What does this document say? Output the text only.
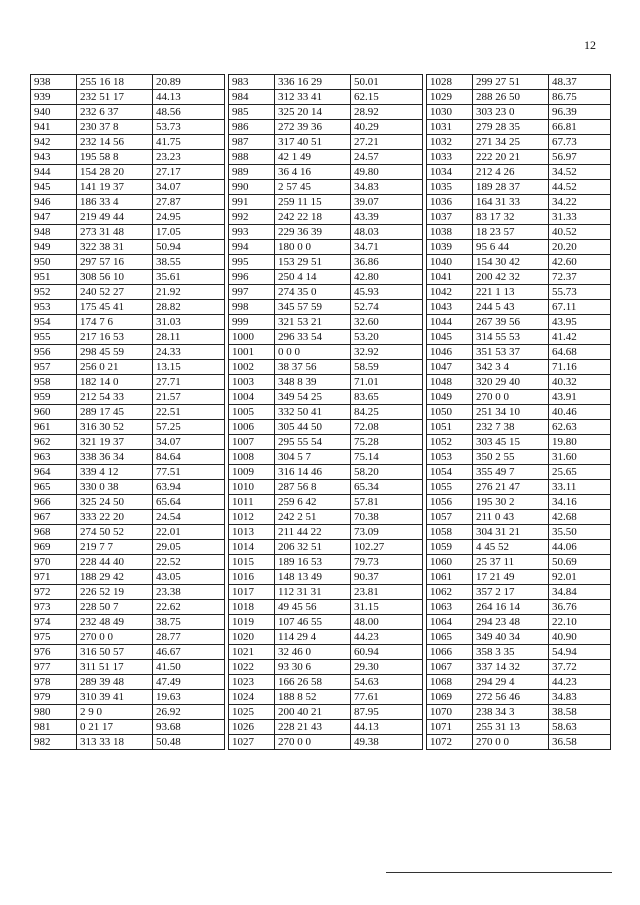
12
938	255 16 18	20.89		983	336 16 29	50.01		1028	299 27 51	48.37
939	232 51 17	44.13		984	312 33 41	62.15		1029	288 26 50	86.75
940	232 6 37	48.56		985	325 20 14	28.92		1030	303 23 0	96.39
941	230 37 8	53.73		986	272 39 36	40.29		1031	279 28 35	66.81
942	232 14 56	41.75		987	317 40 51	27.21		1032	271 34 25	67.73
943	195 58 8	23.23		988	42 1 49	24.57		1033	222 20 21	56.97
944	154 28 20	27.17		989	36 4 16	49.80		1034	212 4 26	34.52
945	141 19 37	34.07		990	2 57 45	34.83		1035	189 28 37	44.52
946	186 33 4	27.87		991	259 11 15	39.07		1036	164 31 33	34.22
947	219 49 44	24.95		992	242 22 18	43.39		1037	83 17 32	31.33
948	273 31 48	17.05		993	229 36 39	48.03		1038	18 23 57	40.52
949	322 38 31	50.94		994	180 0 0	34.71		1039	95 6 44	20.20
950	297 57 16	38.55		995	153 29 51	36.86		1040	154 30 42	42.60
951	308 56 10	35.61		996	250 4 14	42.80		1041	200 42 32	72.37
952	240 52 27	21.92		997	274 35 0	45.93		1042	221 1 13	55.73
953	175 45 41	28.82		998	345 57 59	52.74		1043	244 5 43	67.11
954	174 7 6	31.03		999	321 53 21	32.60		1044	267 39 56	43.95
955	217 16 53	28.11		1000	296 33 54	53.20		1045	314 55 53	41.42
956	298 45 59	24.33		1001	0 0 0	32.92		1046	351 53 37	64.68
957	256 0 21	13.15		1002	38 37 56	58.59		1047	342 3 4	71.16
958	182 14 0	27.71		1003	348 8 39	71.01		1048	320 29 40	40.32
959	212 54 33	21.57		1004	349 54 25	83.65		1049	270 0 0	43.91
960	289 17 45	22.51		1005	332 50 41	84.25		1050	251 34 10	40.46
961	316 30 52	57.25		1006	305 44 50	72.08		1051	232 7 38	62.63
962	321 19 37	34.07		1007	295 55 54	75.28		1052	303 45 15	19.80
963	338 36 34	84.64		1008	304 5 7	75.14		1053	350 2 55	31.60
964	339 4 12	77.51		1009	316 14 46	58.20		1054	355 49 7	25.65
965	330 0 38	63.94		1010	287 56 8	65.34		1055	276 21 47	33.11
966	325 24 50	65.64		1011	259 6 42	57.81		1056	195 30 2	34.16
967	333 22 20	24.54		1012	242 2 51	70.38		1057	211 0 43	42.68
968	274 50 52	22.01		1013	211 44 22	73.09		1058	304 31 21	35.50
969	219 7 7	29.05		1014	206 32 51	102.27		1059	4 45 52	44.06
970	228 44 40	22.52		1015	189 16 53	79.73		1060	25 37 11	50.69
971	188 29 42	43.05		1016	148 13 49	90.37		1061	17 21 49	92.01
972	226 52 19	23.38		1017	112 31 31	23.81		1062	357 2 17	34.84
973	228 50 7	22.62		1018	49 45 56	31.15		1063	264 16 14	36.76
974	232 48 49	38.75		1019	107 46 55	48.00		1064	294 23 48	22.10
975	270 0 0	28.77		1020	114 29 4	44.23		1065	349 40 34	40.90
976	316 50 57	46.67		1021	32 46 0	60.94		1066	358 3 35	54.94
977	311 51 17	41.50		1022	93 30 6	29.30		1067	337 14 32	37.72
978	289 39 48	47.49		1023	166 26 58	54.63		1068	294 29 4	44.23
979	310 39 41	19.63		1024	188 8 52	77.61		1069	272 56 46	34.83
980	2 9 0	26.92		1025	200 40 21	87.95		1070	238 34 3	38.58
981	0 21 17	93.68		1026	228 21 43	44.13		1071	255 31 13	58.63
982	313 33 18	50.48		1027	270 0 0	49.38		1072	270 0 0	36.58
